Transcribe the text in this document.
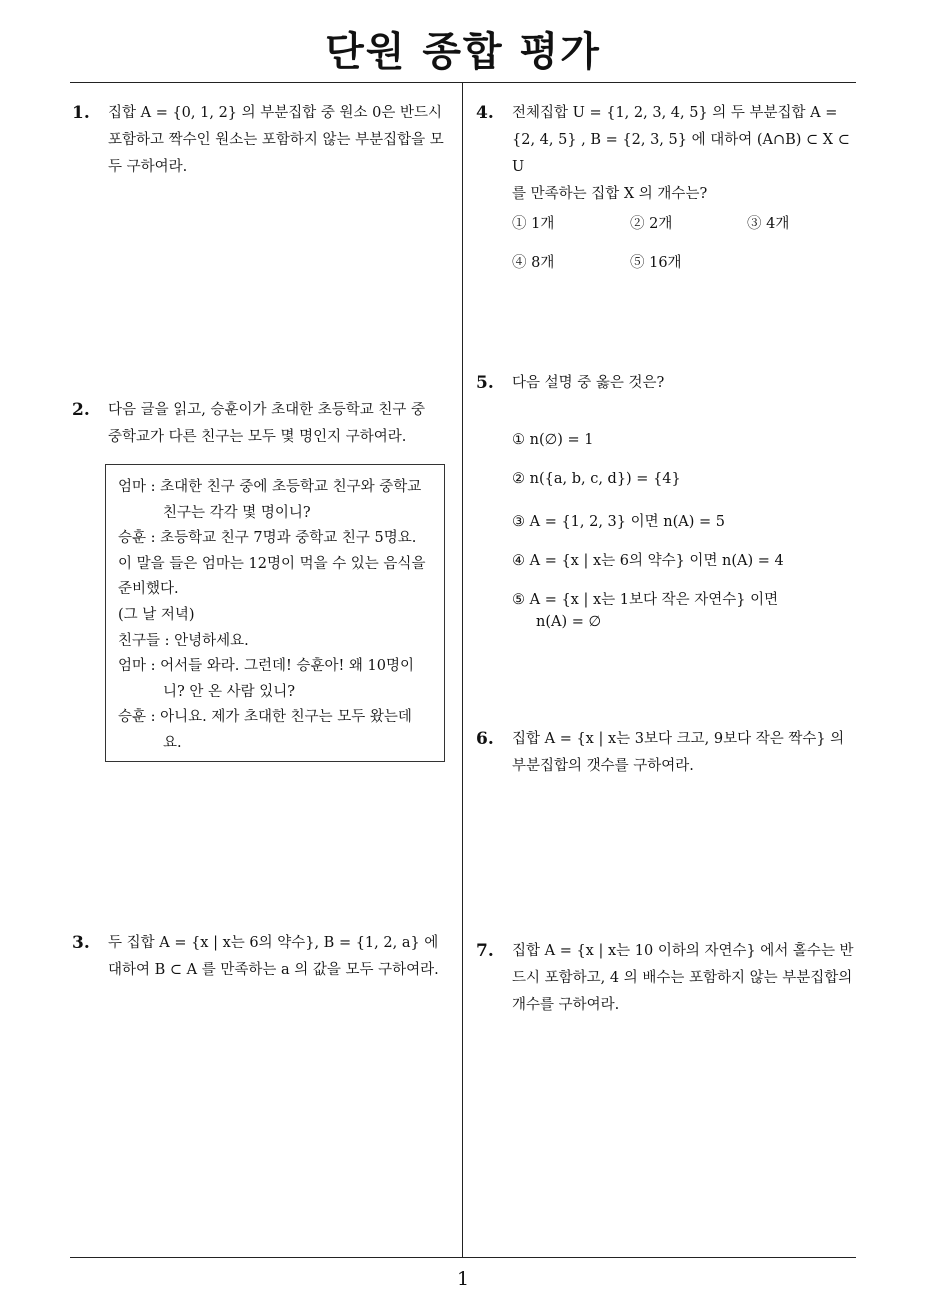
단원 종합 평가
1
1. 집합 A = {0, 1, 2} 의 부분집합 중 원소 0은 반드시
포함하고 짝수인 원소는 포함하지 않는 부분집합을 모
두 구하여라.
2. 다음 글을 읽고, 승훈이가 초대한 초등학교 친구 중
중학교가 다른 친구는 모두 몇 명인지 구하여라.
엄마 : 초대한 친구 중에 초등학교 친구와 중학교
친구는 각각 몇 명이니?
승훈 : 초등학교 친구 7명과 중학교 친구 5명요.
이 말을 들은 엄마는 12명이 먹을 수 있는 음식을
준비했다.
(그 날 저녁)
친구들 : 안녕하세요.
엄마 : 어서들 와라. 그런데! 승훈아! 왜 10명이
니? 안 온 사람 있니?
승훈 : 아니요. 제가 초대한 친구는 모두 왔는데
요.
3. 두 집합 A = {x | x는 6의 약수}, B = {1, 2, a} 에
대하여 B ⊂ A 를 만족하는 a 의 값을 모두 구하여라.
4. 전체집합 U = {1, 2, 3, 4, 5} 의 두 부분집합 A =
{2, 4, 5} , B = {2, 3, 5} 에 대하여 (A∩B) ⊂ X ⊂ U
를 만족하는 집합 X 의 개수는?
① 1개	② 2개	③ 4개
④ 8개	⑤ 16개
5. 다음 설명 중 옳은 것은?
① n(∅) = 1
② n({a, b, c, d}) = {4}
③ A = {1, 2, 3} 이면 n(A) = 5
④ A = {x | x는 6의 약수} 이면 n(A) = 4
⑤ A = {x | x는 1보다 작은 자연수} 이면
n(A) = ∅
6. 집합 A = {x | x는 3보다 크고, 9보다 작은 짝수} 의
부분집합의 갯수를 구하여라.
7. 집합 A = {x | x는 10 이하의 자연수} 에서 홀수는 반
드시 포함하고, 4 의 배수는 포함하지 않는 부분집합의
개수를 구하여라.
